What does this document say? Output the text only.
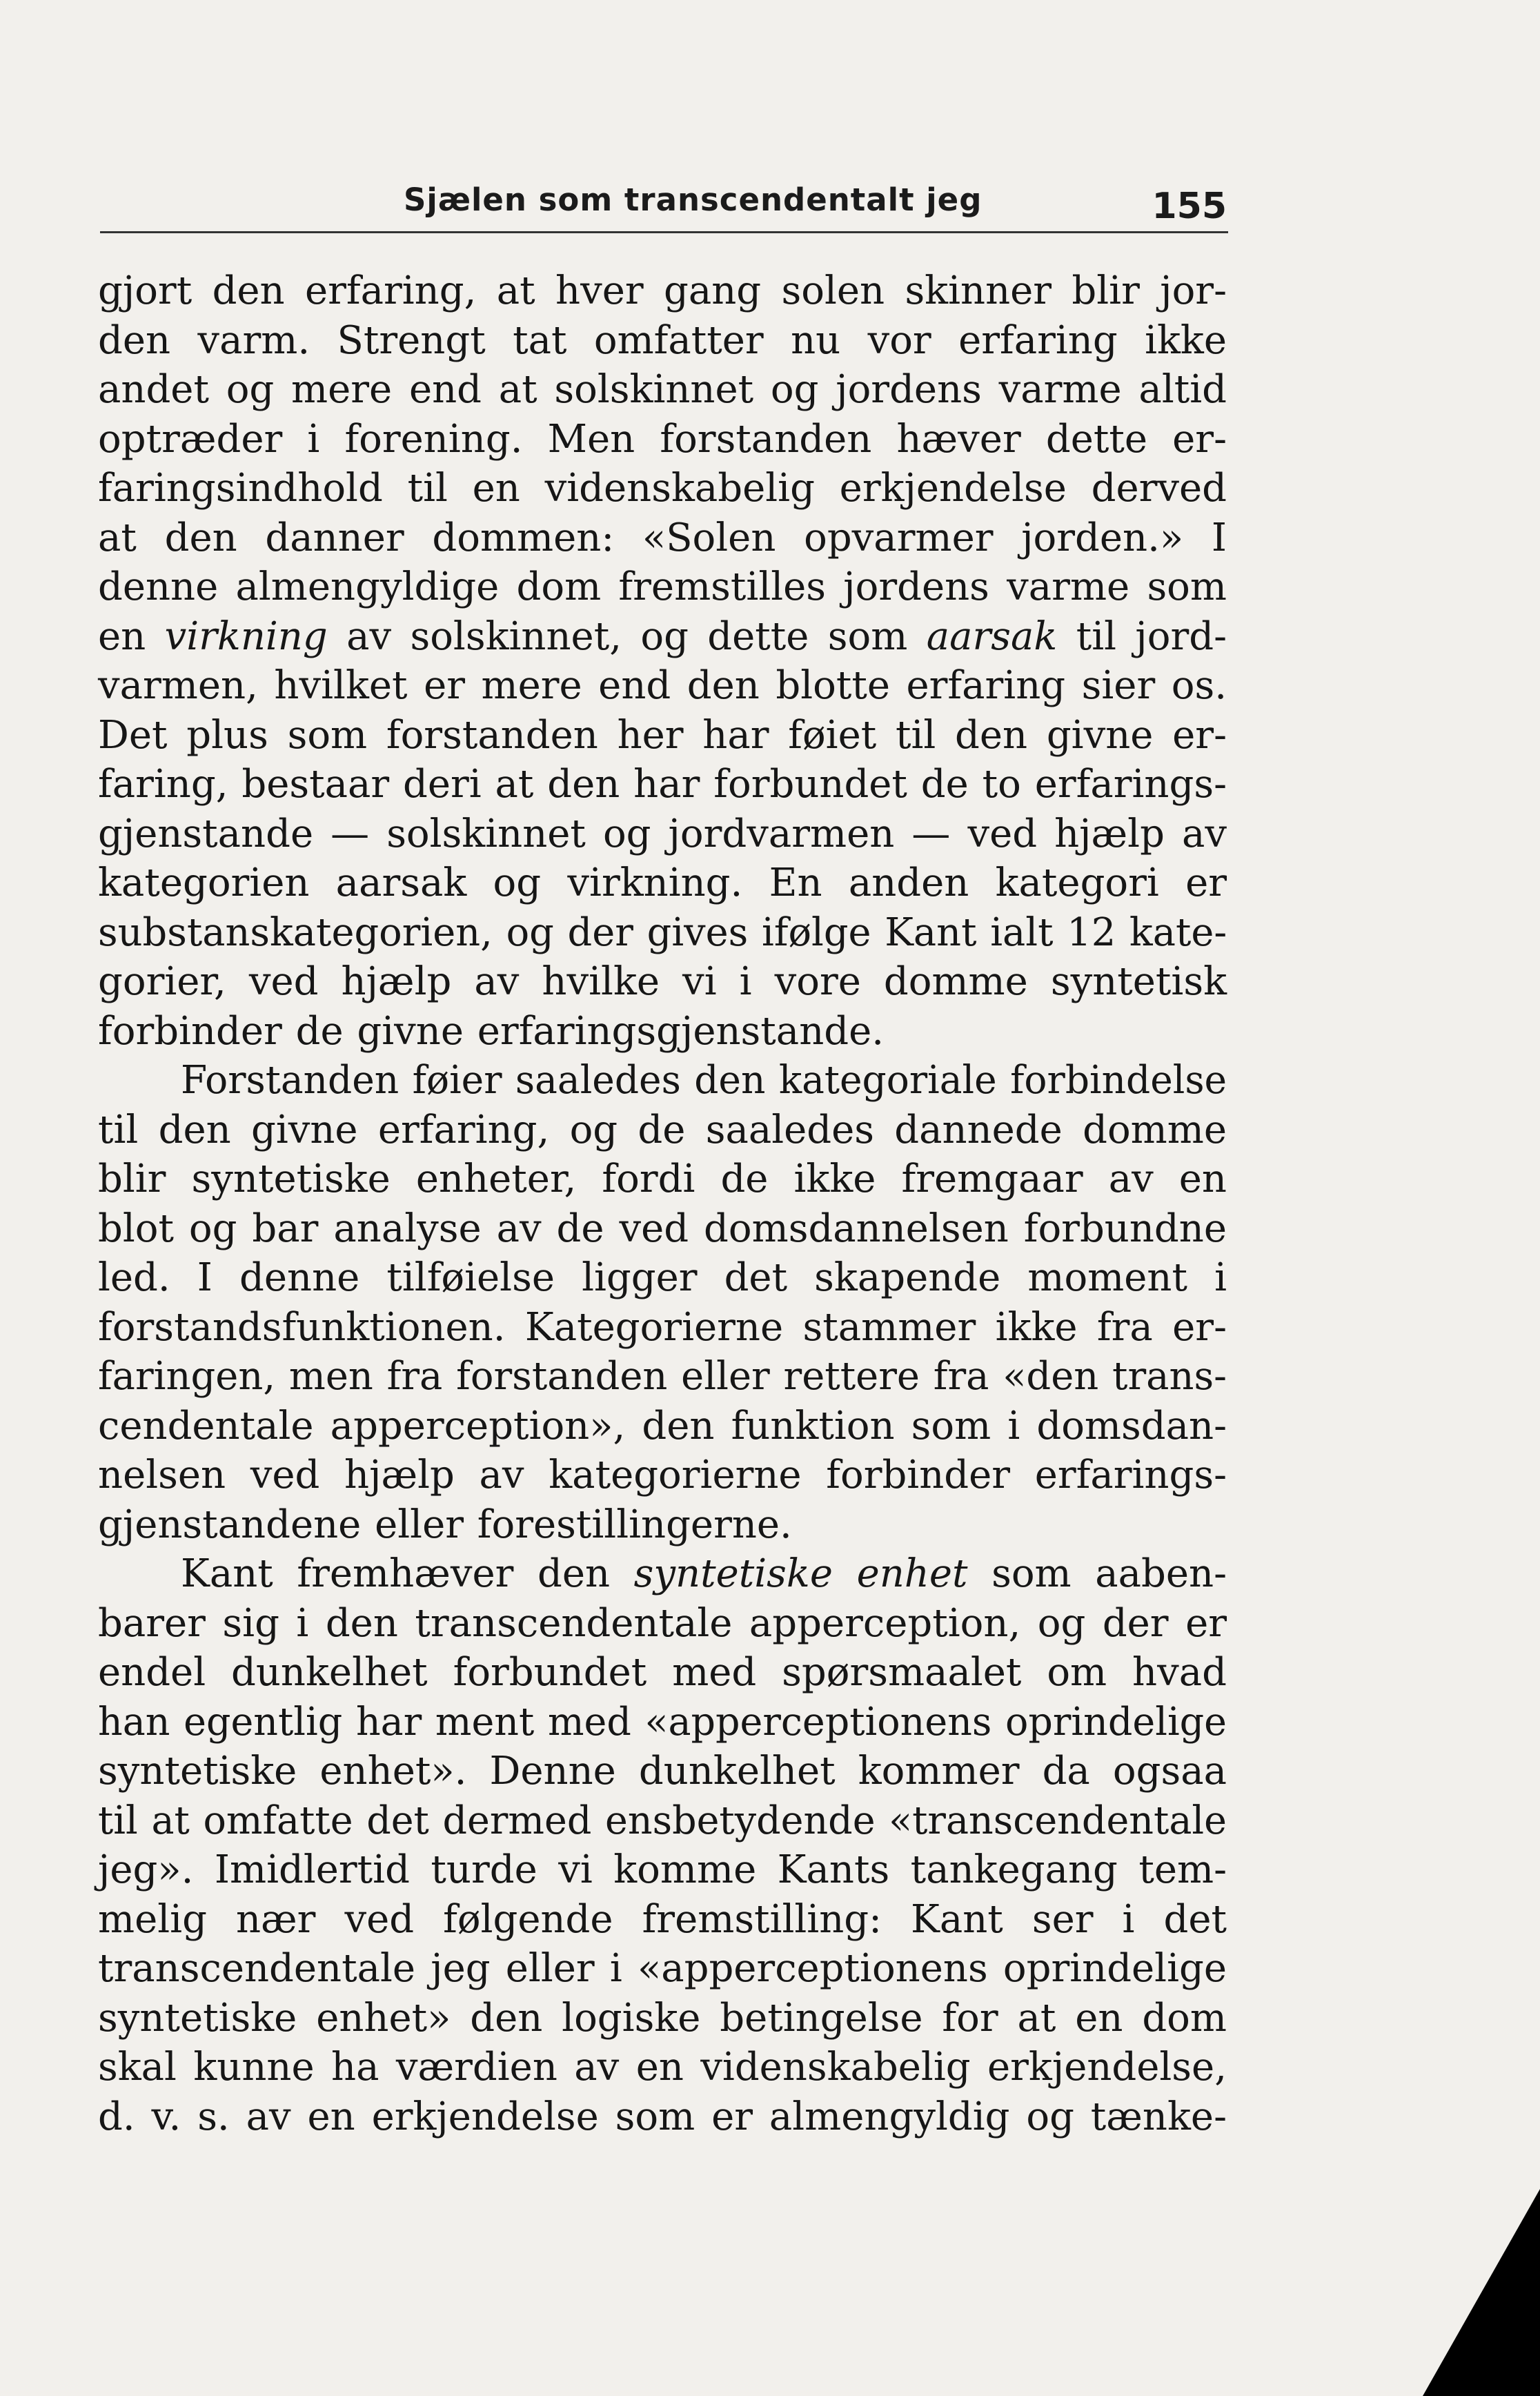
Sjælen som transcendentalt jeg	155
gjort den erfaring, at hver gang solen skinner blir jor-
den varm. Strengt tat omfatter nu vor erfaring ikke
andet og mere end at solskinnet og jordens varme altid
optræder i forening. Men forstanden hæver dette er-
faringsindhold til en videnskabelig erkjendelse derved
at den danner dommen: «Solen opvarmer jorden.» I
denne almengyldige dom fremstilles jordens varme som
en virkning av solskinnet, og dette som aarsak til jord-
varmen, hvilket er mere end den blotte erfaring sier os.
Det plus som forstanden her har føiet til den givne er-
faring, bestaar deri at den har forbundet de to erfarings-
gjenstande — solskinnet og jordvarmen — ved hjælp av
kategorien aarsak og virkning. En anden kategori er
substanskategorien, og der gives ifølge Kant ialt 12 kate-
gorier, ved hjælp av hvilke vi i vore domme syntetisk
forbinder de givne erfaringsgjenstande.
Forstanden føier saaledes den kategoriale forbindelse
til den givne erfaring, og de saaledes dannede domme
blir syntetiske enheter, fordi de ikke fremgaar av en
blot og bar analyse av de ved domsdannelsen forbundne
led. I denne tilføielse ligger det skapende moment i
forstandsfunktionen. Kategorierne stammer ikke fra er-
faringen, men fra forstanden eller rettere fra «den trans-
cendentale apperception», den funktion som i domsdan-
nelsen ved hjælp av kategorierne forbinder erfarings-
gjenstandene eller forestillingerne.
Kant fremhæver den syntetiske enhet som aaben-
barer sig i den transcendentale apperception, og der er
endel dunkelhet forbundet med spørsmaalet om hvad
han egentlig har ment med «apperceptionens oprindelige
syntetiske enhet». Denne dunkelhet kommer da ogsaa
til at omfatte det dermed ensbetydende «transcendentale
jeg». Imidlertid turde vi komme Kants tankegang tem-
melig nær ved følgende fremstilling: Kant ser i det
transcendentale jeg eller i «apperceptionens oprindelige
syntetiske enhet» den logiske betingelse for at en dom
skal kunne ha værdien av en videnskabelig erkjendelse,
d. v. s. av en erkjendelse som er almengyldig og tænke-
